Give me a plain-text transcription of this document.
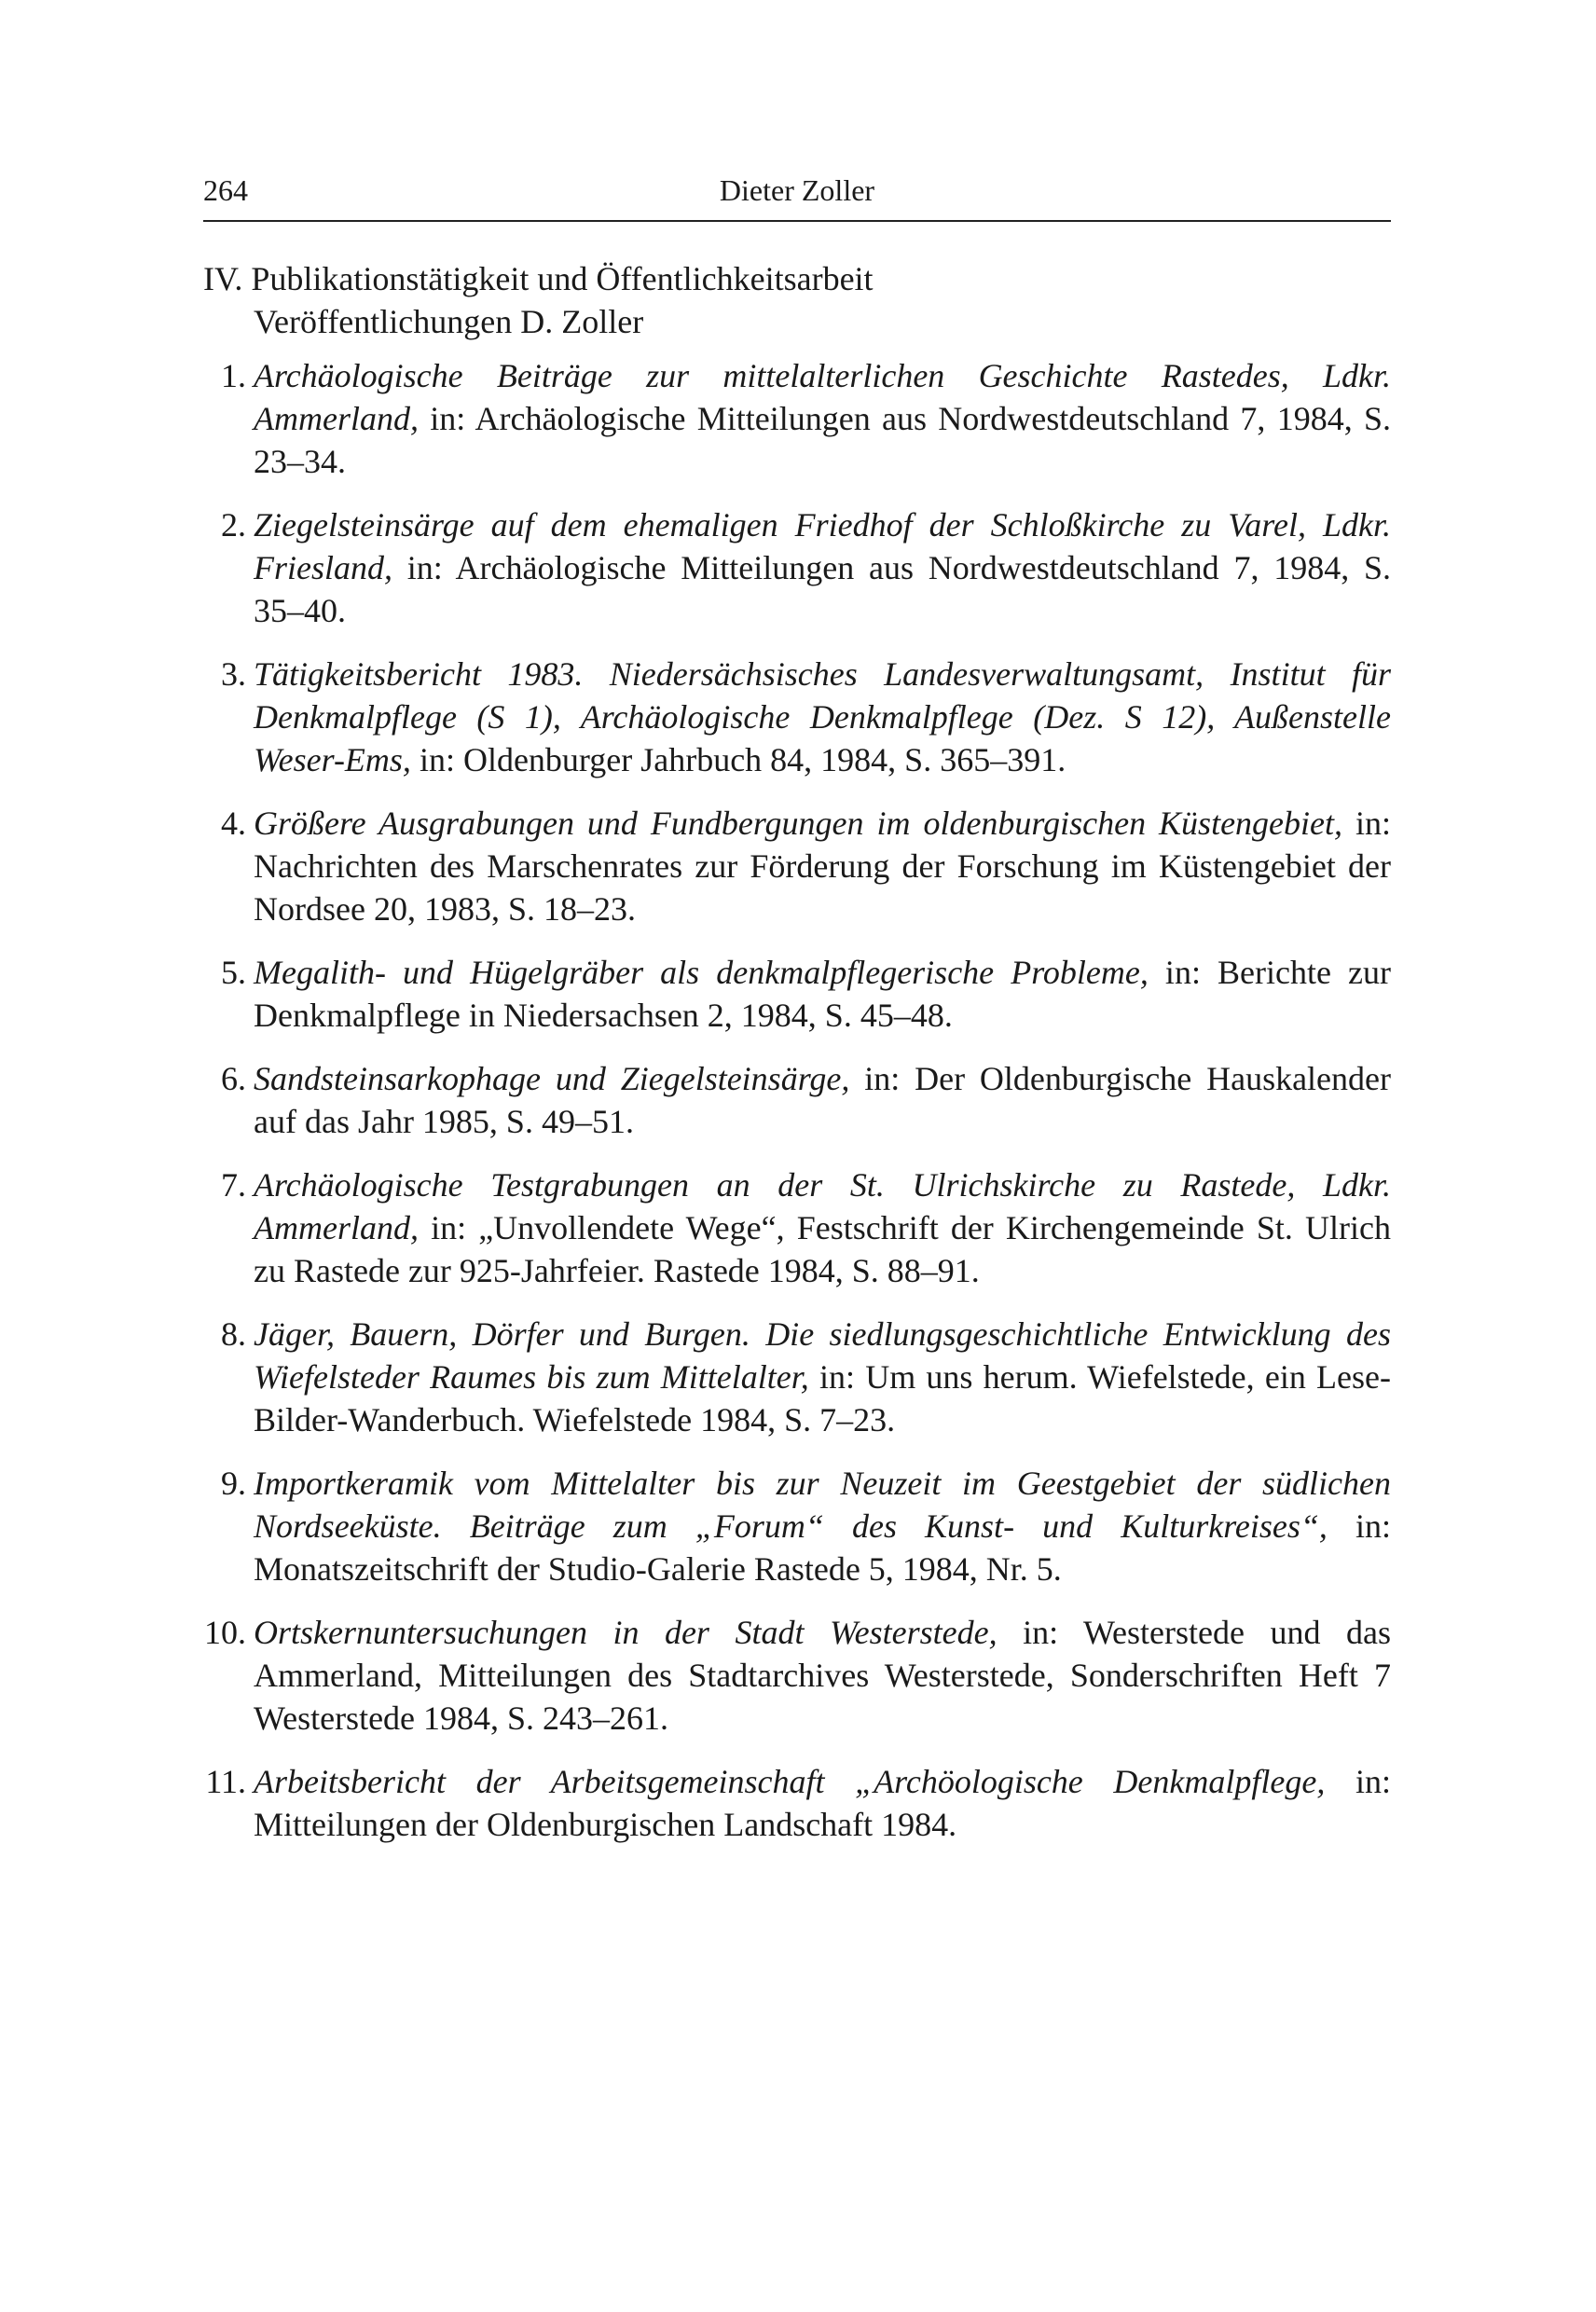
264	Dieter Zoller
IV. Publikationstätigkeit und Öffentlichkeitsarbeit
Veröffentlichungen D. Zoller
1. Archäologische Beiträge zur mittelalterlichen Geschichte Rastedes, Ldkr. Ammerland, in: Archäologische Mitteilungen aus Nordwestdeutschland 7, 1984, S. 23–34.
2. Ziegelsteinsärge auf dem ehemaligen Friedhof der Schloßkirche zu Varel, Ldkr. Friesland, in: Archäologische Mitteilungen aus Nordwestdeutschland 7, 1984, S. 35–40.
3. Tätigkeitsbericht 1983. Niedersächsisches Landesverwaltungsamt, Institut für Denkmalpflege (S 1), Archäologische Denkmalpflege (Dez. S 12), Außenstelle Weser-Ems, in: Oldenburger Jahrbuch 84, 1984, S. 365–391.
4. Größere Ausgrabungen und Fundbergungen im oldenburgischen Küstengebiet, in: Nachrichten des Marschenrates zur Förderung der Forschung im Küstengebiet der Nordsee 20, 1983, S. 18–23.
5. Megalith- und Hügelgräber als denkmalpflegerische Probleme, in: Berichte zur Denkmalpflege in Niedersachsen 2, 1984, S. 45–48.
6. Sandsteinsarkophage und Ziegelsteinsärge, in: Der Oldenburgische Hauskalender auf das Jahr 1985, S. 49–51.
7. Archäologische Testgrabungen an der St. Ulrichskirche zu Rastede, Ldkr. Ammerland, in: „Unvollendete Wege“, Festschrift der Kirchengemeinde St. Ulrich zu Rastede zur 925-Jahrfeier. Rastede 1984, S. 88–91.
8. Jäger, Bauern, Dörfer und Burgen. Die siedlungsgeschichtliche Entwicklung des Wiefelsteder Raumes bis zum Mittelalter, in: Um uns herum. Wiefelstede, ein Lese-Bilder-Wanderbuch. Wiefelstede 1984, S. 7–23.
9. Importkeramik vom Mittelalter bis zur Neuzeit im Geestgebiet der südlichen Nordseeküste. Beiträge zum „Forum“ des Kunst- und Kulturkreises“, in: Monatszeitschrift der Studio-Galerie Rastede 5, 1984, Nr. 5.
10. Ortskernuntersuchungen in der Stadt Westerstede, in: Westerstede und das Ammerland, Mitteilungen des Stadtarchives Westerstede, Sonderschriften Heft 7 Westerstede 1984, S. 243–261.
11. Arbeitsbericht der Arbeitsgemeinschaft „Archöologische Denkmalpflege, in: Mitteilungen der Oldenburgischen Landschaft 1984.
